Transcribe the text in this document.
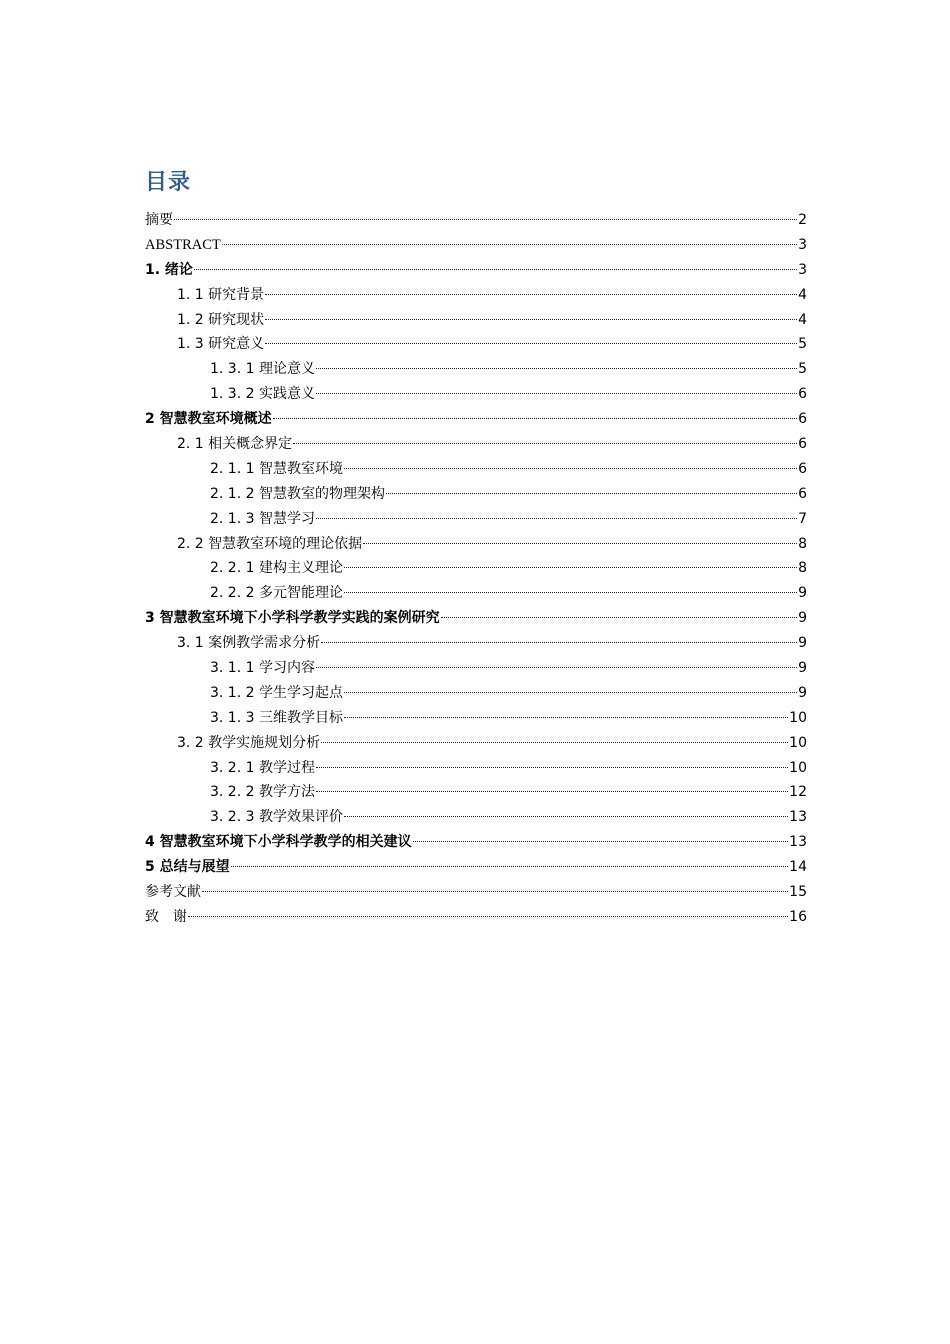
目录
摘要	2
ABSTRACT	3
1. 绪论	3
1. 1 研究背景	4
1. 2 研究现状	4
1. 3 研究意义	5
1. 3. 1 理论意义	5
1. 3. 2 实践意义	6
2 智慧教室环境概述	6
2. 1 相关概念界定	6
2. 1. 1 智慧教室环境	6
2. 1. 2 智慧教室的物理架构	6
2. 1. 3 智慧学习	7
2. 2 智慧教室环境的理论依据	8
2. 2. 1 建构主义理论	8
2. 2. 2 多元智能理论	9
3 智慧教室环境下小学科学教学实践的案例研究	9
3. 1 案例教学需求分析	9
3. 1. 1 学习内容	9
3. 1. 2 学生学习起点	9
3. 1. 3 三维教学目标	10
3. 2 教学实施规划分析	10
3. 2. 1 教学过程	10
3. 2. 2 教学方法	12
3. 2. 3 教学效果评价	13
4 智慧教室环境下小学科学教学的相关建议	13
5 总结与展望	14
参考文献	15
致　谢	16
